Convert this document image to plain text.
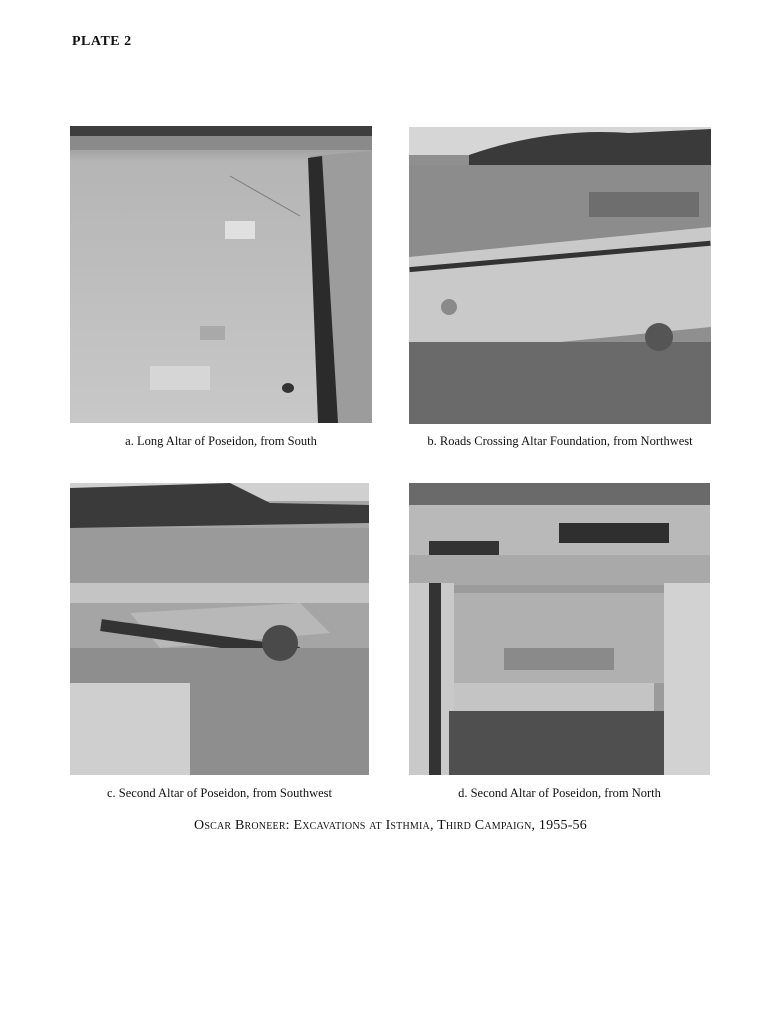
PLATE 2
a. Long Altar of Poseidon, from South	b. Roads Crossing Altar Foundation, from Northwest
c. Second Altar of Poseidon, from Southwest	d. Second Altar of Poseidon, from North
Oscar Broneer: Excavations at Isthmia, Third Campaign, 1955-56
